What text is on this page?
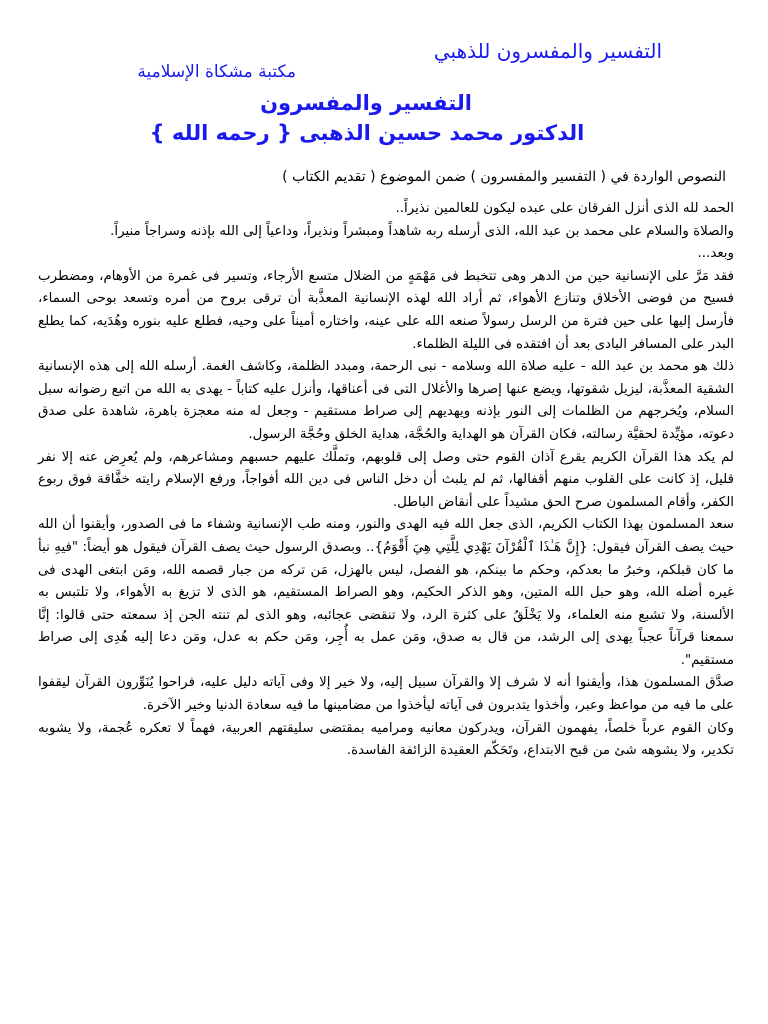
التفسير والمفسرون للذهبي
مكتبة مشكاة الإسلامية
التفسير والمفسرون
الدكتور محمد حسين الذهبى { رحمه الله }
النصوص الواردة في ( التفسير والمفسرون ) ضمن الموضوع ( تقديم الكتاب )

الحمد لله الذى أنزل الفرقان على عبده ليكون للعالمين نذيراً..

والصلاة والسلام على محمد بن عبد الله، الذى أرسله ربه شاهداً ومبشراً ونذيراً، وداعياً إلى الله بإذنه وسراجاً منيراً.

وبعد...

فقد مَرَّ على الإنسانية حين من الدهر وهى تتخبط فى مَهْمَهٍ من الضلال متسع الأرجاء، وتسير فى غمرة من الأوهام، ومضطرب فسيح من فوضى الأخلاق وتنازع الأهواء، ثم أراد الله لهذه الإنسانية المعذَّبة أن ترقى بروح من أمره وتسعد بوحى السماء، فأرسل إليها على حين فترة من الرسل رسولاً صنعه الله على عينه، واختاره أميناً على وحيه، فطلع عليه بنوره وهُدَيه، كما يطلع البدر على المسافر البادى بعد أن افتقده فى الليلة الظلماء.

ذلك هو محمد بن عبد الله - عليه صلاة الله وسلامه - نبى الرحمة، ومبدد الظلمة، وكاشف الغمة. أرسله الله إلى هذه الإنسانية الشقية المعذَّبة، ليزيل شقوتها، ويضع عنها إصرها والأغلال التى فى أعناقها، وأنزل عليه كتاباً - يهدى به الله من اتبع رضوانه سبل السلام، ويُخرجهم من الظلمات إلى النور بإذنه ويهديهم إلى صراط مستقيم - وجعل له منه معجزة باهرة، شاهدة على صدق دعوته، مؤيِّدة لحقيَّة رسالته، فكان القرآن هو الهداية والحُجَّة، هداية الخلق وحُجَّة الرسول.

لم يكد هذا القرآن الكريم يقرع آذان القوم حتى وصل إلى قلوبهم، وتملَّك عليهم حسبهم ومشاعرهم، ولم يُعرِض عنه إلا نفر قليل، إذ كانت على القلوب منهم أقفالها، ثم لم يلبث أن دخل الناس فى دين الله أفواجاً، ورفع الإسلام رايته خفَّاقة فوق ربوع الكفر، وأقام المسلمون صرح الحق مشيداً على أنقاض الباطل.

سعد المسلمون بهذا الكتاب الكريم، الذى جعل الله فيه الهدى والنور، ومنه طب الإنسانية وشفاء ما فى الصدور، وأيقنوا أن الله حيث يصف القرآن فيقول: {إِنَّ هَـٰذَا ٱلْقُرْآنَ يَهْدِي لِلَّتِي هِيَ أَقْوَمُ}.. وبصدق الرسول حيث يصف القرآن فيقول هو أيضاً: "فيهِ نبأ ما كان قبلكم، وخبرُ ما بعدكم، وحكم ما بينكم، هو الفصل، ليس بالهزل، مَن تركه من جبار قصمه الله، ومَن ابتغى الهدى فى غيره أضله الله، وهو حبل الله المتين، وهو الذكر الحكيم، وهو الصراط المستقيم، هو الذى لا تزيغ به الأهواء، ولا تلتبس به الألسنة، ولا تشبع منه العلماء، ولا يَخْلَقُ على كثرة الرد، ولا تنقضى عجائبه، وهو الذى لم تنته الجن إذ سمعته حتى قالوا: إنَّا سمعنا قرآناً عجباً يهدى إلى الرشد، من قال به صدق، ومَن عمل به أُجِر، ومَن حكم به عدل، ومَن دعا إليه هُدِى إلى صراط مستقيم".

صدَّق المسلمون هذا، وأيقنوا أنه لا شرف إلا والقرآن سبيل إليه، ولا خير إلا وفى آياته دليل عليه، فراحوا يُنَوِّرون القرآن ليقفوا على ما فيه من مواعظ وعبر، وأخذوا يتدبرون فى آياته ليأخذوا من مضامينها ما فيه سعادة الدنيا وخير الآخرة.

وكان القوم عرباً خلصاً، يفهمون القرآن، ويدركون معانيه ومراميه بمقتضى سليقتهم العربية، فهماً لا تعكره عُجمة، ولا يشوبه تكدير، ولا يشوهه شئ من قبح الابتداع، وتَحَكّم العقيدة الزائفة الفاسدة.
